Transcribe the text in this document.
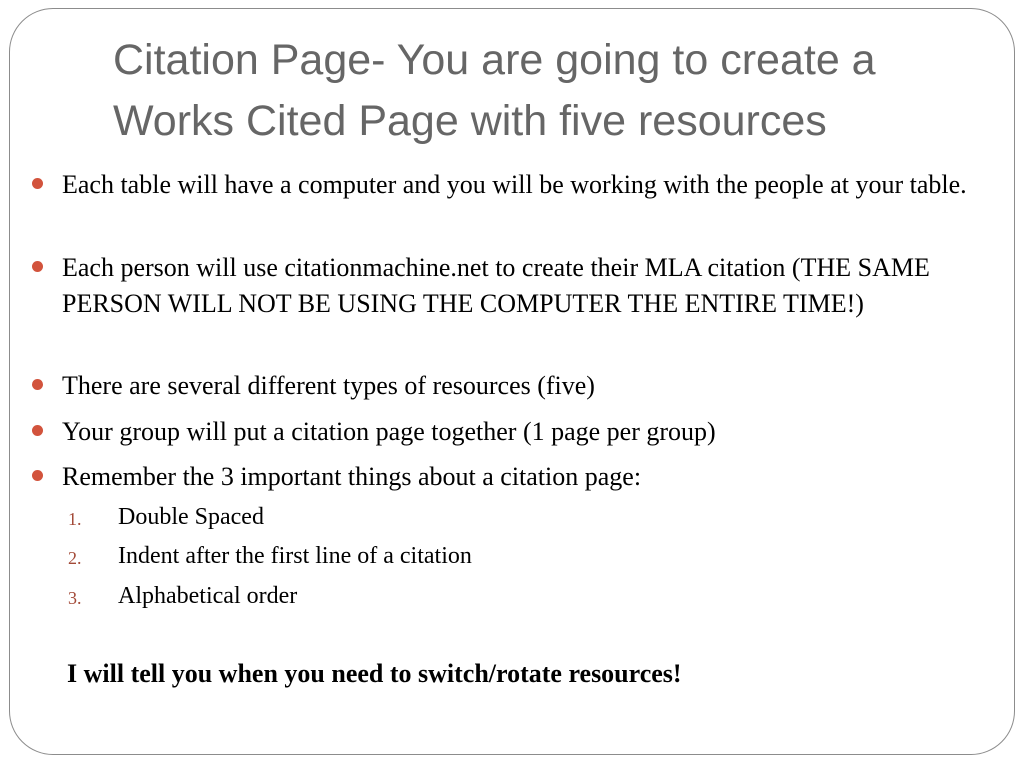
Citation Page- You are going to create a Works Cited Page with five resources
Each table will have a computer and you will be working with the people at your table.
Each person will use citationmachine.net to create their MLA citation (THE SAME PERSON WILL NOT BE USING THE COMPUTER THE ENTIRE TIME!)
There are several different types of resources (five)
Your group will put a citation page together (1 page per group)
Remember the 3 important things about a citation page:
1. Double Spaced
2. Indent after the first line of a citation
3. Alphabetical order
I will tell you when you need to switch/rotate resources!
